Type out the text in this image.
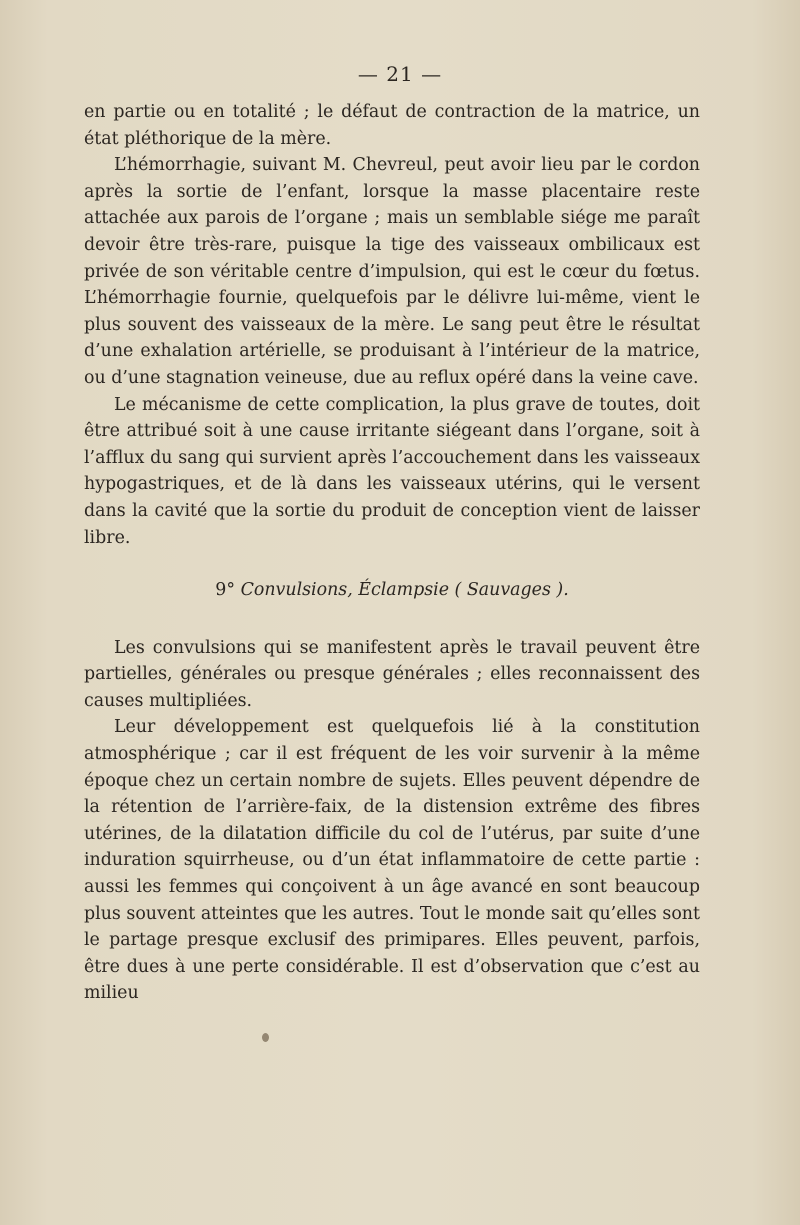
— 21 —

en partie ou en totalité ; le défaut de contraction de la matrice, un état pléthorique de la mère.

L’hémorrhagie, suivant M. Chevreul, peut avoir lieu par le cordon après la sortie de l’enfant, lorsque la masse placentaire reste attachée aux parois de l’organe ; mais un semblable siége me paraît devoir être très-rare, puisque la tige des vaisseaux ombilicaux est privée de son véritable centre d’impulsion, qui est le cœur du fœtus. L’hémorrhagie fournie, quelquefois par le délivre lui-même, vient le plus souvent des vaisseaux de la mère. Le sang peut être le résultat d’une exhalation artérielle, se produisant à l’intérieur de la matrice, ou d’une stagnation veineuse, due au reflux opéré dans la veine cave.

Le mécanisme de cette complication, la plus grave de toutes, doit être attribué soit à une cause irritante siégeant dans l’organe, soit à l’afflux du sang qui survient après l’accouchement dans les vaisseaux hypogastriques, et de là dans les vaisseaux utérins, qui le versent dans la cavité que la sortie du produit de conception vient de laisser libre.

9° Convulsions, Éclampsie ( Sauvages ).

Les convulsions qui se manifestent après le travail peuvent être partielles, générales ou presque générales ; elles reconnaissent des causes multipliées.

Leur développement est quelquefois lié à la constitution atmosphérique ; car il est fréquent de les voir survenir à la même époque chez un certain nombre de sujets. Elles peuvent dépendre de la rétention de l’arrière-faix, de la distension extrême des fibres utérines, de la dilatation difficile du col de l’utérus, par suite d’une induration squirrheuse, ou d’un état inflammatoire de cette partie : aussi les femmes qui conçoivent à un âge avancé en sont beaucoup plus souvent atteintes que les autres. Tout le monde sait qu’elles sont le partage presque exclusif des primipares. Elles peuvent, parfois, être dues à une perte considérable. Il est d’observation que c’est au milieu
